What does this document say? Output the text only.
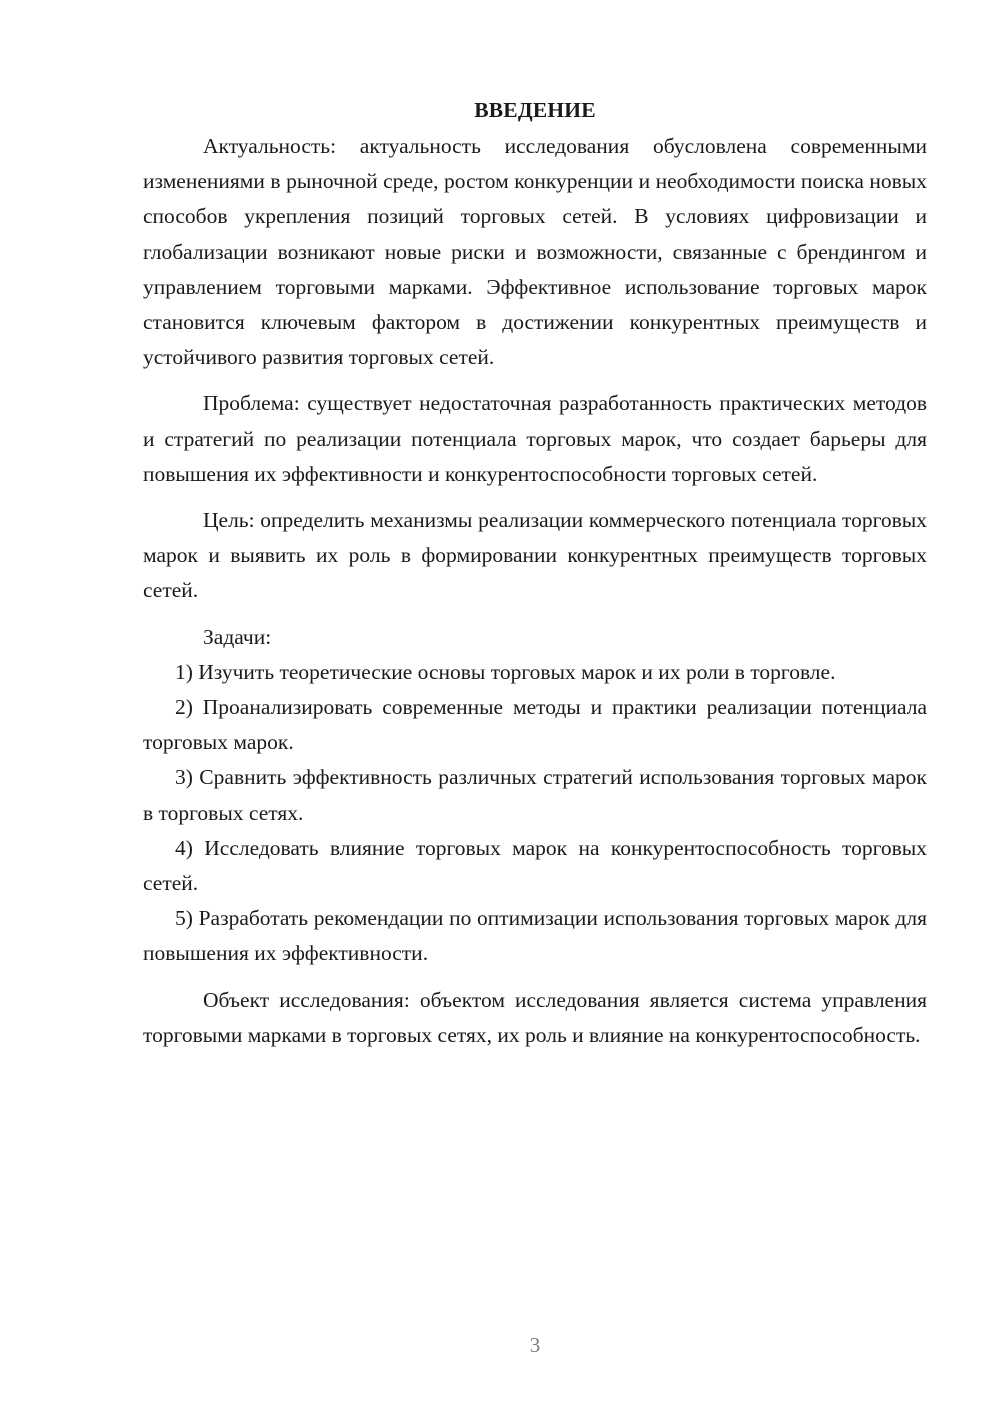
ВВЕДЕНИЕ

Актуальность: актуальность исследования обусловлена современными изменениями в рыночной среде, ростом конкуренции и необходимости поиска новых способов укрепления позиций торговых сетей. В условиях цифровизации и глобализации возникают новые риски и возможности, связанные с брендингом и управлением торговыми марками. Эффективное использование торговых марок становится ключевым фактором в достижении конкурентных преимуществ и устойчивого развития торговых сетей.

Проблема: существует недостаточная разработанность практических методов и стратегий по реализации потенциала торговых марок, что создает барьеры для повышения их эффективности и конкурентоспособности торговых сетей.

Цель: определить механизмы реализации коммерческого потенциала торговых марок и выявить их роль в формировании конкурентных преимуществ торговых сетей.

Задачи:

1) Изучить теоретические основы торговых марок и их роли в торговле.

2) Проанализировать современные методы и практики реализации потенциала торговых марок.

3) Сравнить эффективность различных стратегий использования торговых марок в торговых сетях.

4) Исследовать влияние торговых марок на конкурентоспособность торговых сетей.

5) Разработать рекомендации по оптимизации использования торговых марок для повышения их эффективности.

Объект исследования: объектом исследования является система управления торговыми марками в торговых сетях, их роль и влияние на конкурентоспособность.

3
